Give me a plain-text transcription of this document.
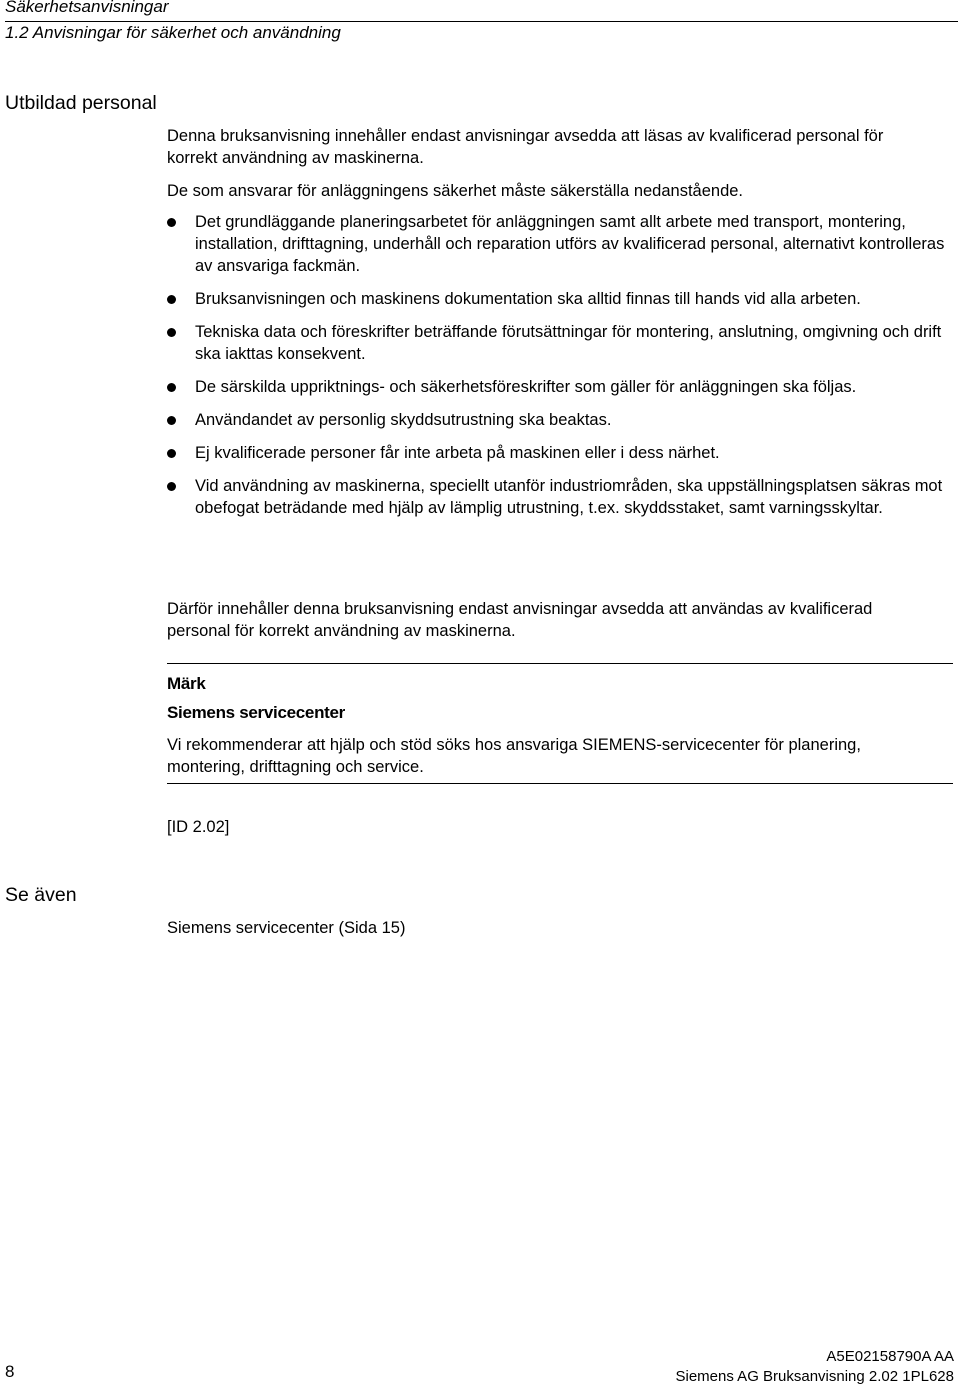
Säkerhetsanvisningar
1.2 Anvisningar för säkerhet och användning
Utbildad personal
Denna bruksanvisning innehåller endast anvisningar avsedda att läsas av kvalificerad personal för korrekt användning av maskinerna.
De som ansvarar för anläggningens säkerhet måste säkerställa nedanstående.
Det grundläggande planeringsarbetet för anläggningen samt allt arbete med transport, montering, installation, drifttagning, underhåll och reparation utförs av kvalificerad personal, alternativt kontrolleras av ansvariga fackmän.
Bruksanvisningen och maskinens dokumentation ska alltid finnas till hands vid alla arbeten.
Tekniska data och föreskrifter beträffande förutsättningar för montering, anslutning, omgivning och drift ska iakttas konsekvent.
De särskilda uppriktnings- och säkerhetsföreskrifter som gäller för anläggningen ska följas.
Användandet av personlig skyddsutrustning ska beaktas.
Ej kvalificerade personer får inte arbeta på maskinen eller i dess närhet.
Vid användning av maskinerna, speciellt utanför industriområden, ska uppställningsplatsen säkras mot obefogat beträdande med hjälp av lämplig utrustning, t.ex. skyddsstaket, samt varningsskyltar.
Därför innehåller denna bruksanvisning endast anvisningar avsedda att användas av kvalificerad personal för korrekt användning av maskinerna.
Märk
Siemens servicecenter
Vi rekommenderar att hjälp och stöd söks hos ansvariga SIEMENS-servicecenter för planering, montering, drifttagning och service.
[ID 2.02]
Se även
Siemens servicecenter (Sida 15)
8
A5E02158790A AA
Siemens AG Bruksanvisning 2.02 1PL628
